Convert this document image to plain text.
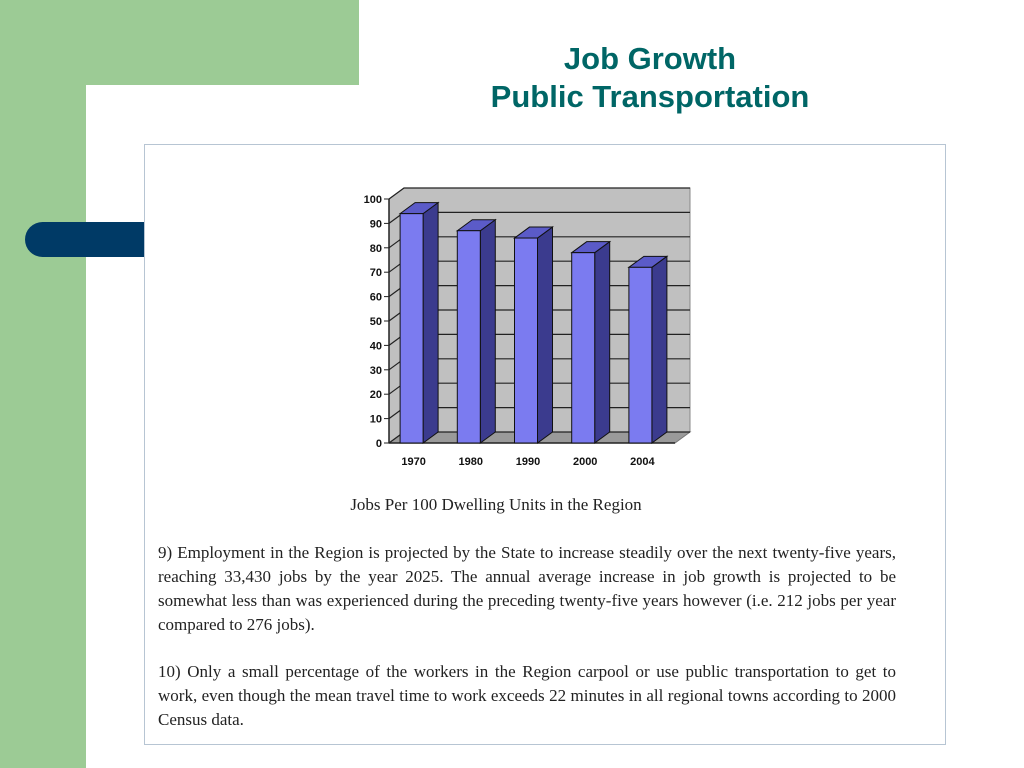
Job Growth
Public Transportation
0
10
20
30
40
50
60
70
80
90
100
1970	1980	1990	2000	2004
Jobs Per 100 Dwelling Units in the Region
9) Employment in the Region is projected by the State to increase steadily over the next twenty-five years, reaching 33,430 jobs by the year 2025. The annual average increase in job growth is projected to be somewhat less than was experienced during the preceding twenty-five years however (i.e. 212 jobs per year compared to 276 jobs).
10) Only a small percentage of the workers in the Region carpool or use public transportation to get to work, even though the mean travel time to work exceeds 22 minutes in all regional towns according to 2000 Census data.
